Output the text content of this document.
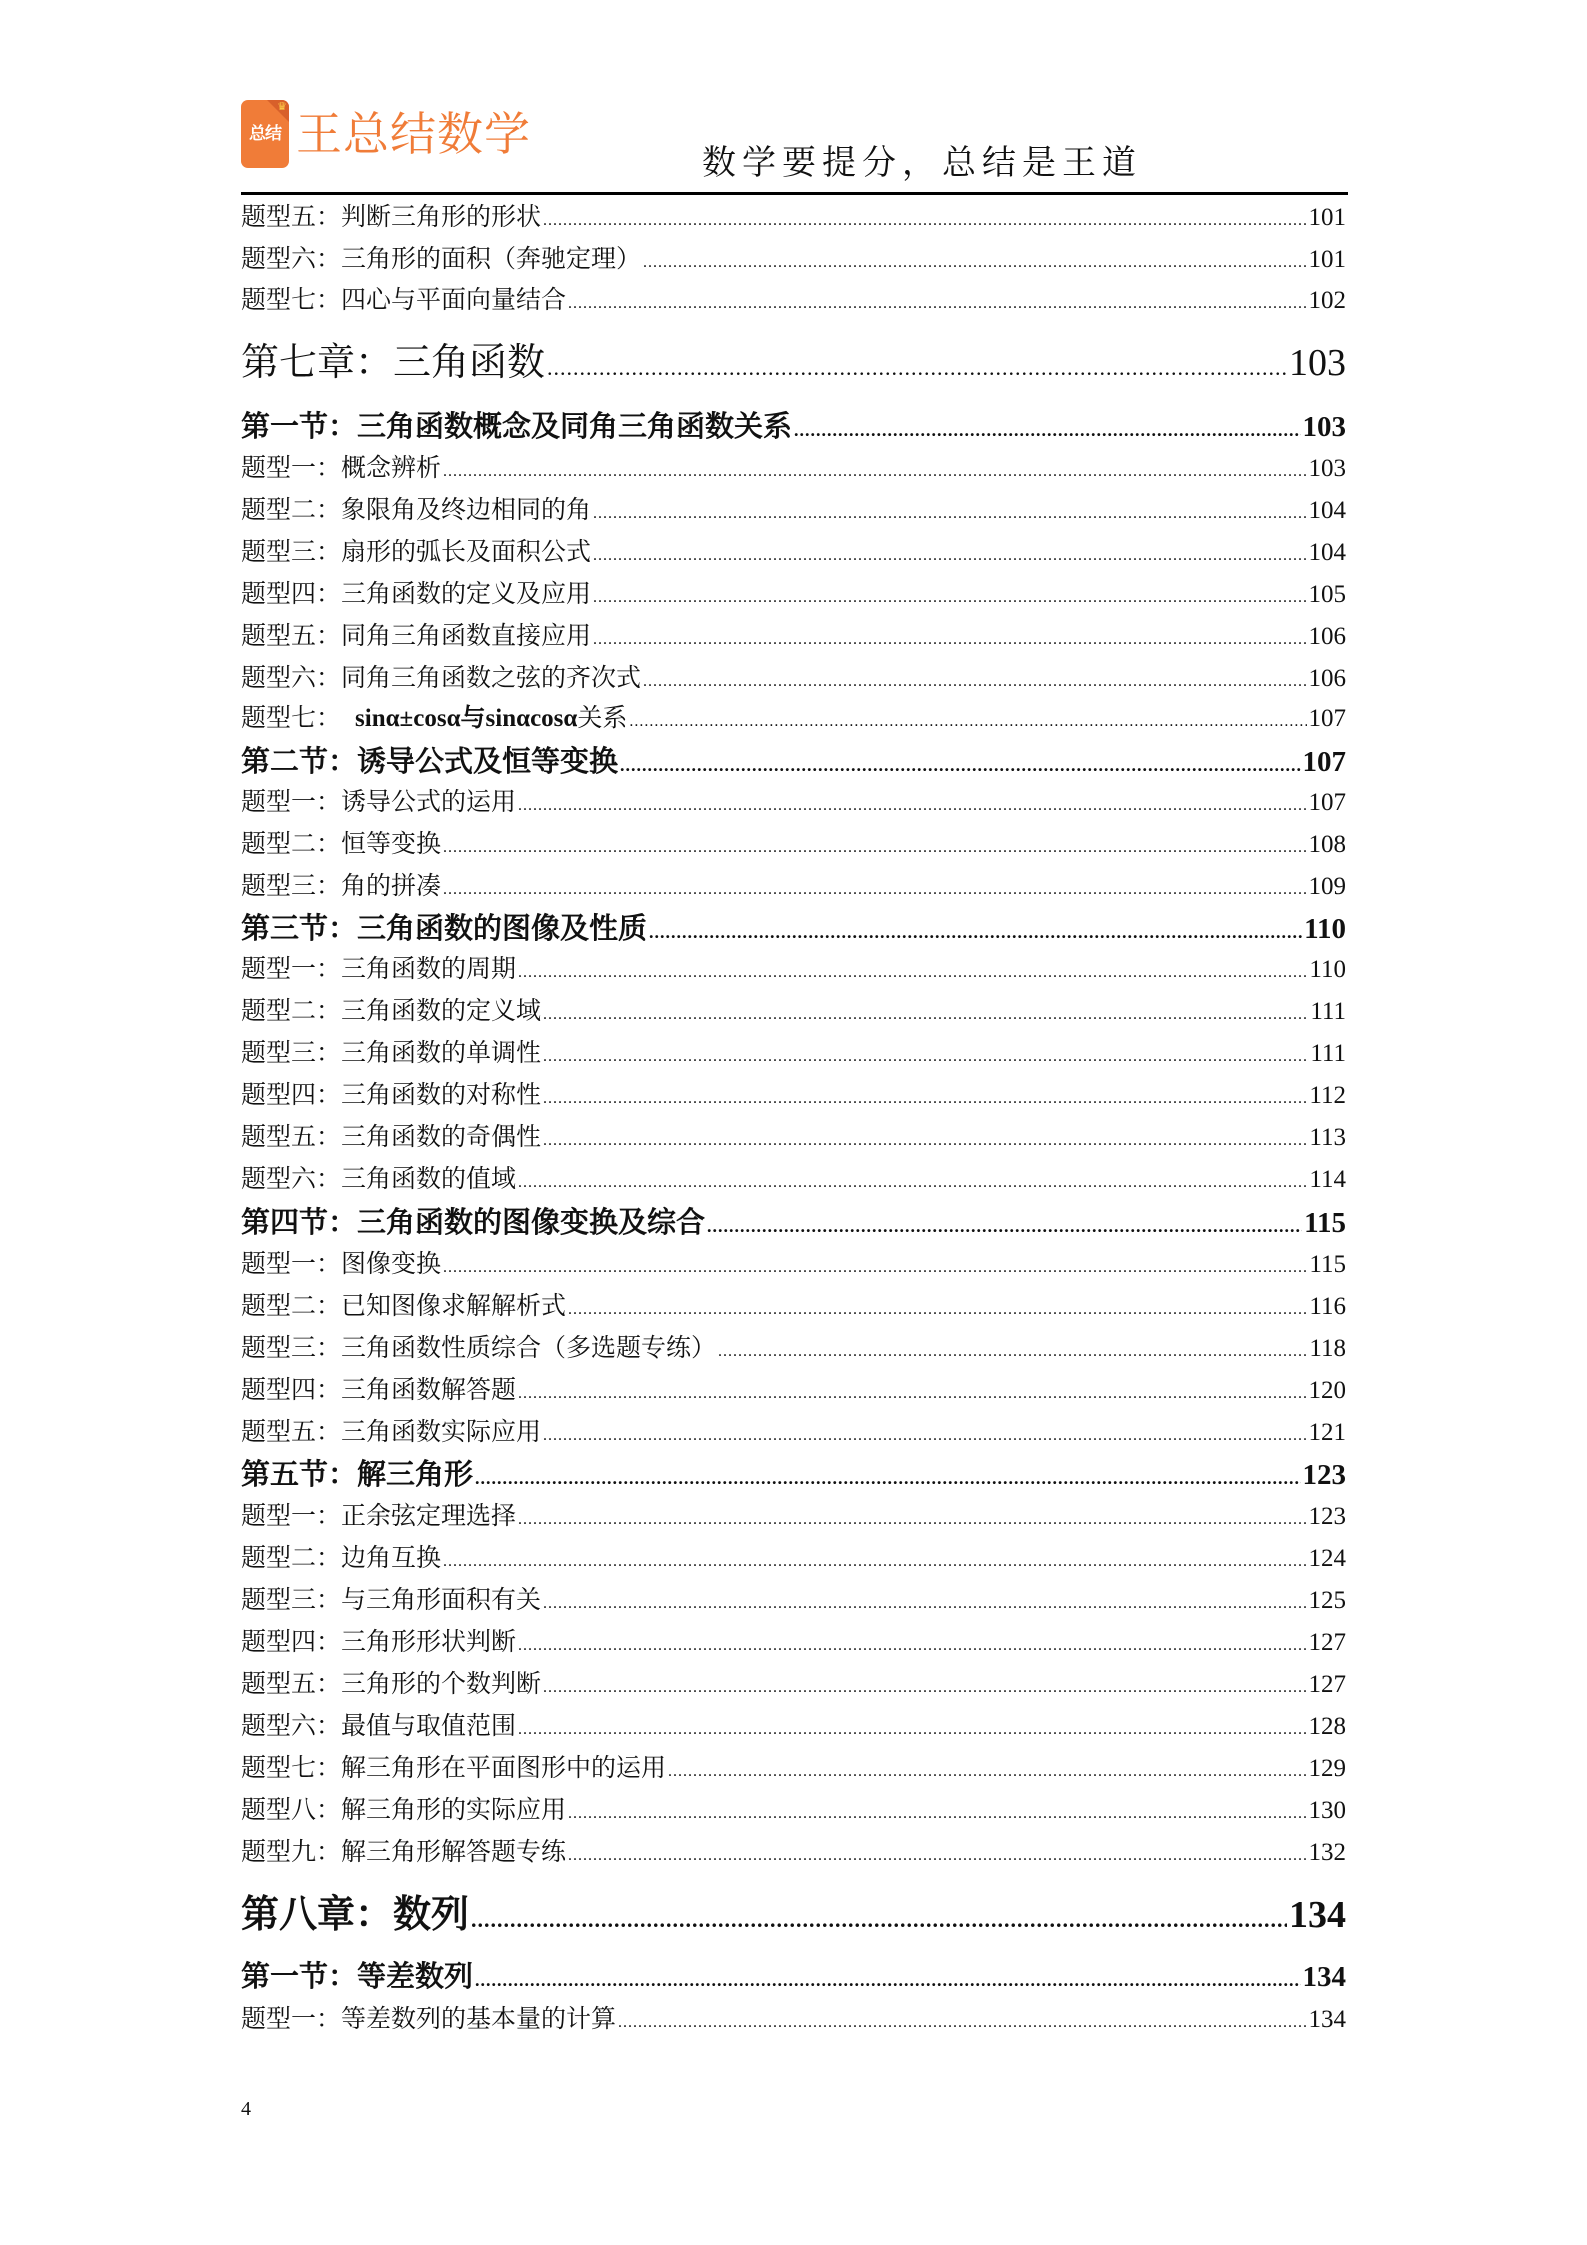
♛
总结 王总结数学
数学要提分，总结是王道
题型五：判断三角形的形状 .....	101
题型六：三角形的面积（奔驰定理） .....	101
题型七：四心与平面向量结合 .....	102
第七章：三角函数 .....	103
第一节：三角函数概念及同角三角函数关系 .....	103
题型一：概念辨析 .....	103
题型二：象限角及终边相同的角 .....	104
题型三：扇形的弧长及面积公式 .....	104
题型四：三角函数的定义及应用 .....	105
题型五：同角三角函数直接应用 .....	106
题型六：同角三角函数之弦的齐次式 .....	106
题型七： sinα±cosα与sinαcosα关系 .....	107
第二节：诱导公式及恒等变换 .....	107
题型一：诱导公式的运用 .....	107
题型二：恒等变换 .....	108
题型三：角的拼凑 .....	109
第三节：三角函数的图像及性质 .....	110
题型一：三角函数的周期 .....	110
题型二：三角函数的定义域 .....	111
题型三：三角函数的单调性 .....	111
题型四：三角函数的对称性 .....	112
题型五：三角函数的奇偶性 .....	113
题型六：三角函数的值域 .....	114
第四节：三角函数的图像变换及综合 .....	115
题型一：图像变换 .....	115
题型二：已知图像求解解析式 .....	116
题型三：三角函数性质综合（多选题专练） .....	118
题型四：三角函数解答题 .....	120
题型五：三角函数实际应用 .....	121
第五节：解三角形 .....	123
题型一：正余弦定理选择 .....	123
题型二：边角互换 .....	124
题型三：与三角形面积有关 .....	125
题型四：三角形形状判断 .....	127
题型五：三角形的个数判断 .....	127
题型六：最值与取值范围 .....	128
题型七：解三角形在平面图形中的运用 .....	129
题型八：解三角形的实际应用 .....	130
题型九：解三角形解答题专练 .....	132
第八章：数列 .....	134
第一节：等差数列 .....	134
题型一：等差数列的基本量的计算 .....	134
4
